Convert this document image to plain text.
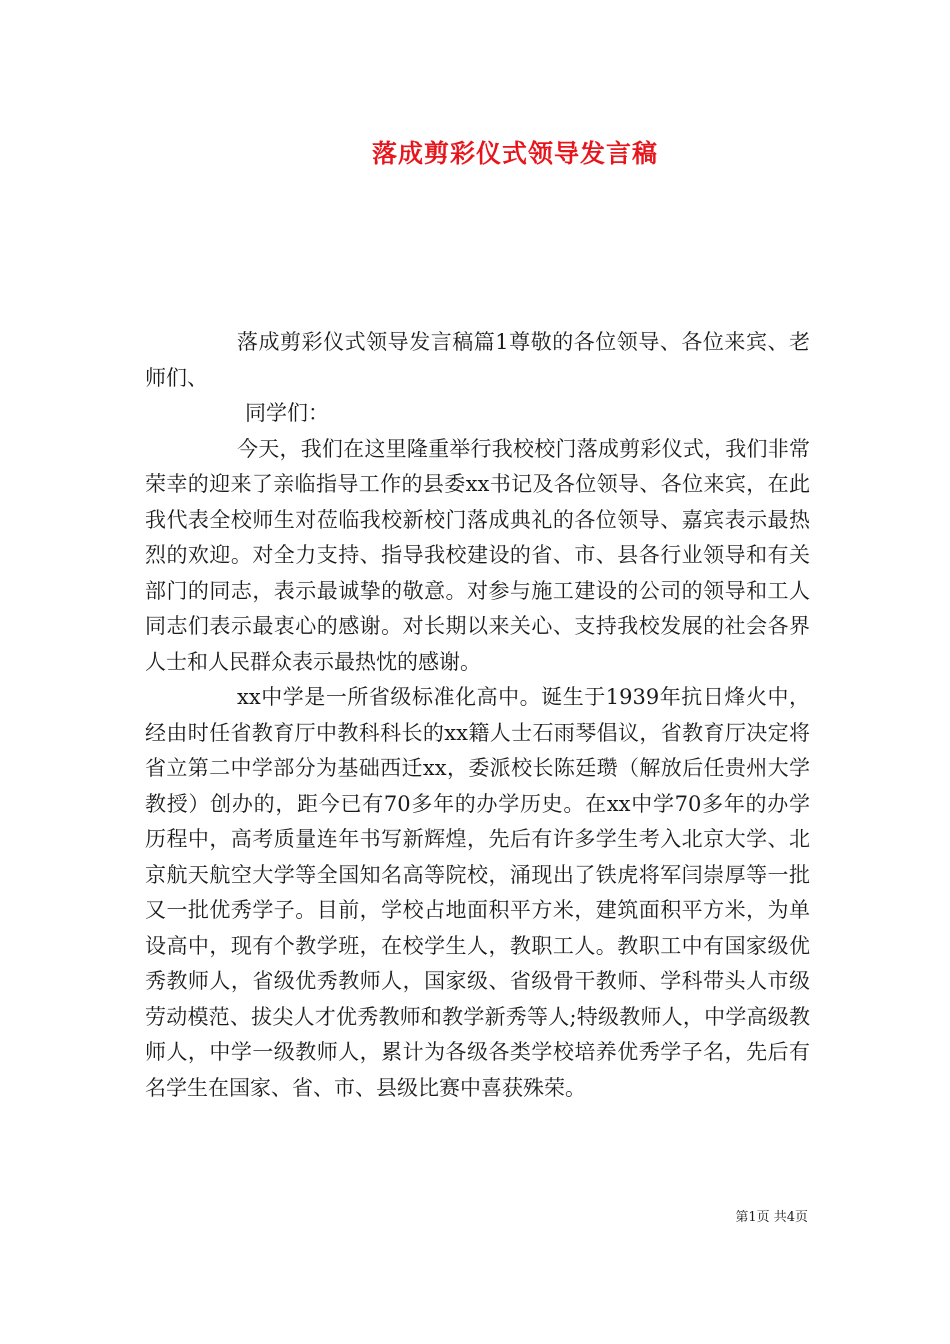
落成剪彩仪式领导发言稿

落成剪彩仪式领导发言稿篇1尊敬的各位领导、各位来宾、老师们、

同学们：

今天，我们在这里隆重举行我校校门落成剪彩仪式，我们非常荣幸的迎来了亲临指导工作的县委xx书记及各位领导、各位来宾，在此我代表全校师生对莅临我校新校门落成典礼的各位领导、嘉宾表示最热烈的欢迎。对全力支持、指导我校建设的省、市、县各行业领导和有关部门的同志，表示最诚挚的敬意。对参与施工建设的公司的领导和工人同志们表示最衷心的感谢。对长期以来关心、支持我校发展的社会各界人士和人民群众表示最热忱的感谢。

xx中学是一所省级标准化高中。诞生于1939年抗日烽火中，经由时任省教育厅中教科科长的xx籍人士石雨琴倡议，省教育厅决定将省立第二中学部分为基础西迁xx，委派校长陈廷瓒（解放后任贵州大学教授）创办的，距今已有70多年的办学历史。在xx中学70多年的办学历程中，高考质量连年书写新辉煌，先后有许多学生考入北京大学、北京航天航空大学等全国知名高等院校，涌现出了铁虎将军闫崇厚等一批又一批优秀学子。目前，学校占地面积平方米，建筑面积平方米，为单设高中，现有个教学班，在校学生人，教职工人。教职工中有国家级优秀教师人，省级优秀教师人，国家级、省级骨干教师、学科带头人市级劳动模范、拔尖人才优秀教师和教学新秀等人;特级教师人，中学高级教师人，中学一级教师人，累计为各级各类学校培养优秀学子名，先后有名学生在国家、省、市、县级比赛中喜获殊荣。

第1页 共4页
